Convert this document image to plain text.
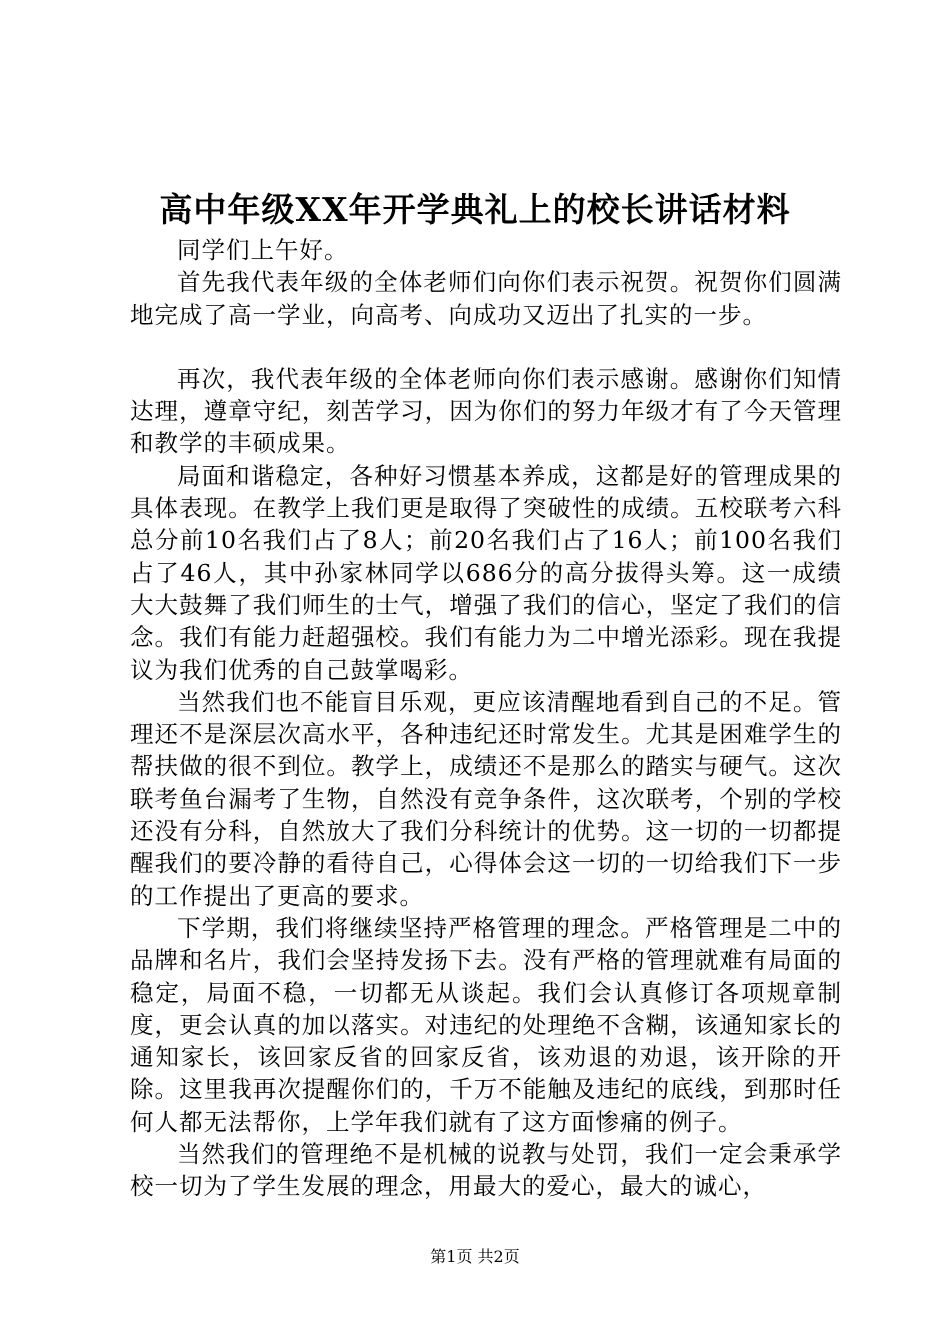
高中年级XX年开学典礼上的校长讲话材料

同学们上午好。

首先我代表年级的全体老师们向你们表示祝贺。祝贺你们圆满地完成了高一学业，向高考、向成功又迈出了扎实的一步。

再次，我代表年级的全体老师向你们表示感谢。感谢你们知情达理，遵章守纪，刻苦学习，因为你们的努力年级才有了今天管理和教学的丰硕成果。

局面和谐稳定，各种好习惯基本养成，这都是好的管理成果的具体表现。在教学上我们更是取得了突破性的成绩。五校联考六科总分前10名我们占了8人；前20名我们占了16人；前100名我们占了46人，其中孙家林同学以686分的高分拔得头筹。这一成绩大大鼓舞了我们师生的士气，增强了我们的信心，坚定了我们的信念。我们有能力赶超强校。我们有能力为二中增光添彩。现在我提议为我们优秀的自己鼓掌喝彩。

当然我们也不能盲目乐观，更应该清醒地看到自己的不足。管理还不是深层次高水平，各种违纪还时常发生。尤其是困难学生的帮扶做的很不到位。教学上，成绩还不是那么的踏实与硬气。这次联考鱼台漏考了生物，自然没有竞争条件，这次联考，个别的学校还没有分科，自然放大了我们分科统计的优势。这一切的一切都提醒我们的要冷静的看待自己，心得体会这一切的一切给我们下一步的工作提出了更高的要求。

下学期，我们将继续坚持严格管理的理念。严格管理是二中的品牌和名片，我们会坚持发扬下去。没有严格的管理就难有局面的稳定，局面不稳，一切都无从谈起。我们会认真修订各项规章制度，更会认真的加以落实。对违纪的处理绝不含糊，该通知家长的通知家长，该回家反省的回家反省，该劝退的劝退，该开除的开除。这里我再次提醒你们的，千万不能触及违纪的底线，到那时任何人都无法帮你，上学年我们就有了这方面惨痛的例子。

当然我们的管理绝不是机械的说教与处罚，我们一定会秉承学校一切为了学生发展的理念，用最大的爱心，最大的诚心，

第1页 共2页
